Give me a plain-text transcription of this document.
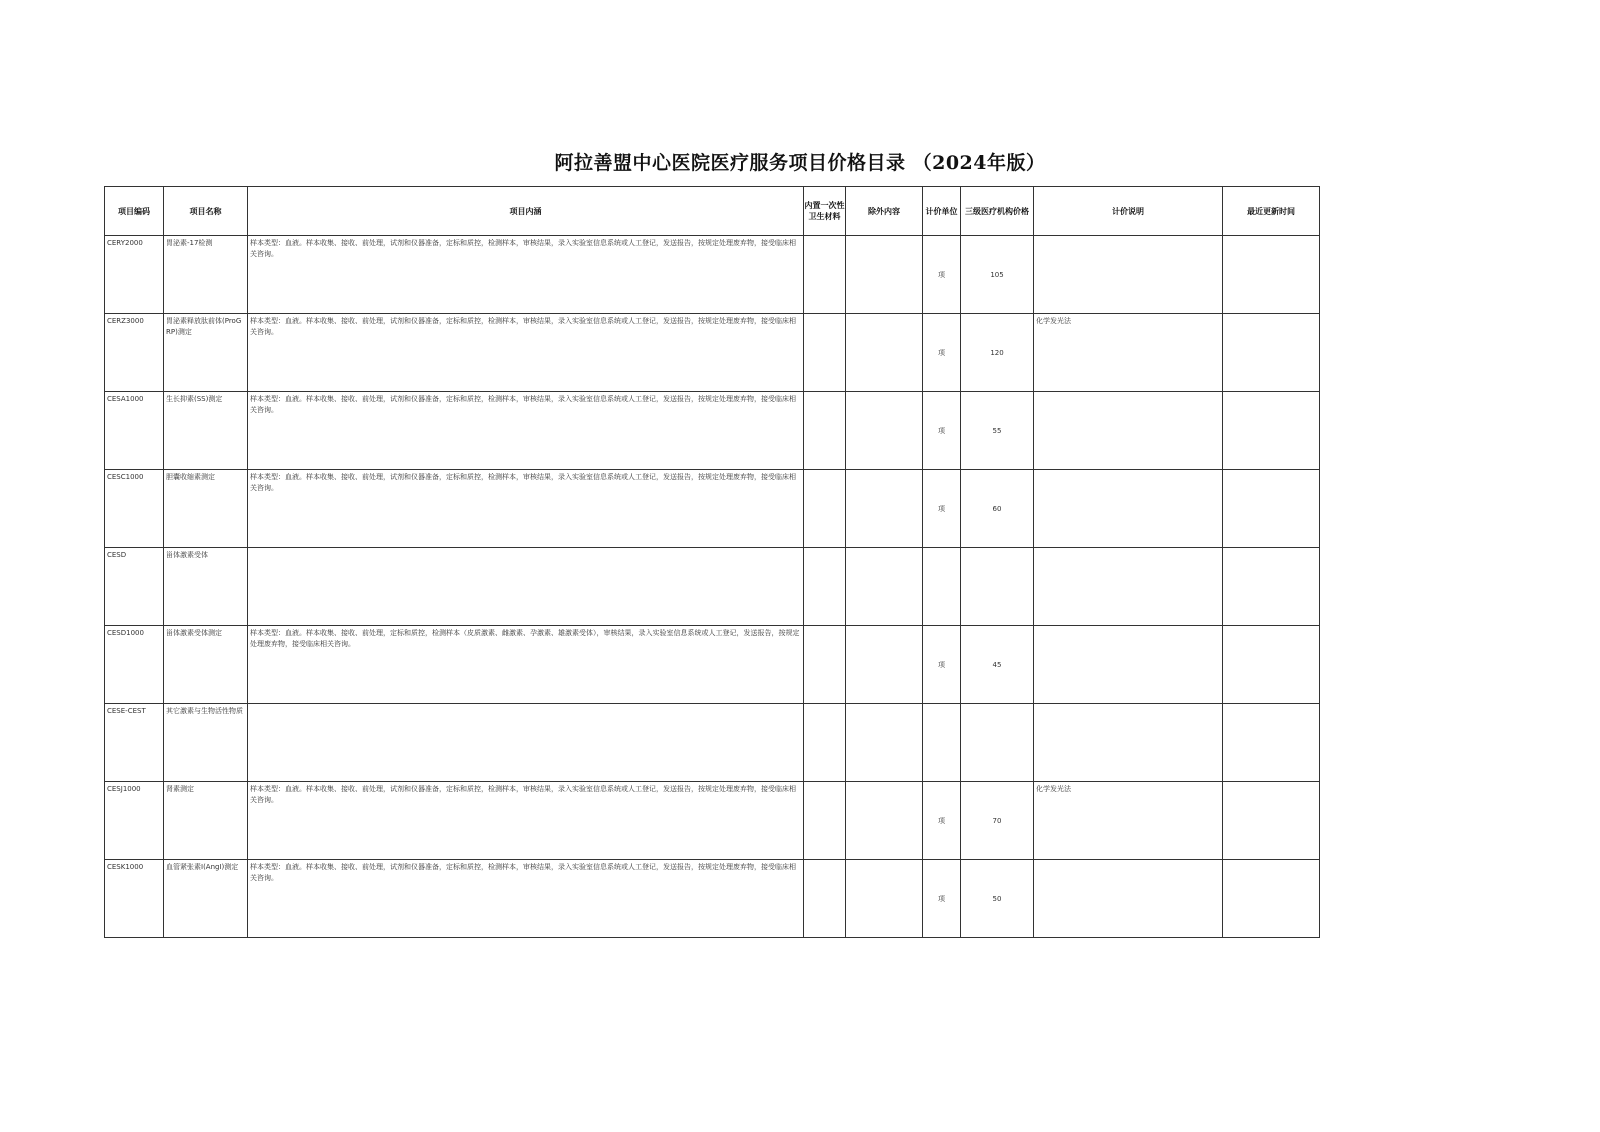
阿拉善盟中心医院医疗服务项目价格目录 （2024年版）
项目编码	项目名称	项目内涵	内置一次性卫生材料	除外内容	计价单位	三级医疗机构价格	计价说明	最近更新时间

CERY2000	胃泌素-17检测	样本类型：血液。样本收集、接收、前处理，试剂和仪器准备，定标和质控，检测样本，审核结果，录入实验室信息系统或人工登记，发送报告，按规定处理废弃物，接受临床相关咨询。			项	105		

CERZ3000	胃泌素释放肽前体(ProGRP)测定	样本类型：血液。样本收集、接收、前处理，试剂和仪器准备，定标和质控，检测样本，审核结果，录入实验室信息系统或人工登记，发送报告，按规定处理废弃物，接受临床相关咨询。			项	120	化学发光法	

CESA1000	生长抑素(SS)测定	样本类型：血液。样本收集、接收、前处理，试剂和仪器准备，定标和质控，检测样本，审核结果，录入实验室信息系统或人工登记，发送报告，按规定处理废弃物，接受临床相关咨询。			项	55		

CESC1000	胆囊收缩素测定	样本类型：血液。样本收集、接收、前处理，试剂和仪器准备，定标和质控，检测样本，审核结果，录入实验室信息系统或人工登记，发送报告，按规定处理废弃物，接受临床相关咨询。			项	60		

CESD	甾体激素受体							

CESD1000	甾体激素受体测定	样本类型：血液。样本收集、接收、前处理，定标和质控，检测样本（皮质激素、雌激素、孕激素、雄激素受体），审核结果，录入实验室信息系统或人工登记，发送报告，按规定处理废弃物，接受临床相关咨询。			项	45		

CESE-CEST	其它激素与生物活性物质							

CESJ1000	肾素测定	样本类型：血液。样本收集、接收、前处理，试剂和仪器准备，定标和质控，检测样本，审核结果，录入实验室信息系统或人工登记，发送报告，按规定处理废弃物，接受临床相关咨询。			项	70	化学发光法	

CESK1000	血管紧张素Ⅰ(AngⅠ)测定	样本类型：血液。样本收集、接收、前处理，试剂和仪器准备，定标和质控，检测样本，审核结果，录入实验室信息系统或人工登记，发送报告，按规定处理废弃物，接受临床相关咨询。			项	50		
